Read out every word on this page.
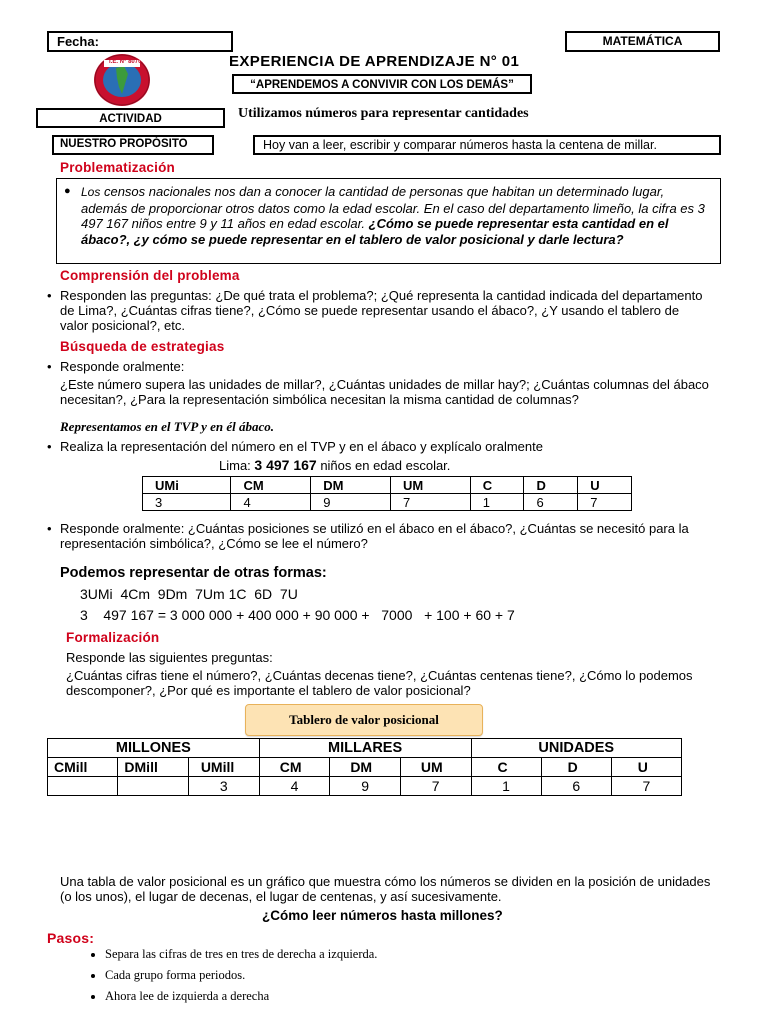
Fecha:	MATEMÁTICA
I.E. N° 80763	EXPERIENCIA DE APRENDIZAJE N° 01
“APRENDEMOS A CONVIVIR CON LOS DEMÁS”
ACTIVIDAD	Utilizamos números para representar cantidades
NUESTRO PROPÓSITO	Hoy van a leer, escribir y comparar números hasta la centena de millar.
Problematización
● Los censos nacionales nos dan a conocer la cantidad de personas que habitan un determinado lugar, además de proporcionar otros datos como la edad escolar. En el caso del departamento limeño, la cifra es 3 497 167 niños entre 9 y 11 años en edad escolar. ¿Cómo se puede representar esta cantidad en el ábaco?, ¿y cómo se puede representar en el tablero de valor posicional y darle lectura?
Comprensión del problema
• Responden las preguntas: ¿De qué trata el problema?; ¿Qué representa la cantidad indicada del departamento de Lima?, ¿Cuántas cifras tiene?, ¿Cómo se puede representar usando el ábaco?, ¿Y usando el tablero de valor posicional?, etc.
Búsqueda de estrategias
• Responde oralmente:
¿Este número supera las unidades de millar?, ¿Cuántas unidades de millar hay?; ¿Cuántas columnas del ábaco necesitan?, ¿Para la representación simbólica necesitan la misma cantidad de columnas?
Representamos en el TVP y en él ábaco.
• Realiza la representación del número en el TVP y en el ábaco y explícalo oralmente
Lima: 3 497 167 niños en edad escolar.
UMi	CM	DM	UM	C	D	U
3	4	9	7	1	6	7
• Responde oralmente: ¿Cuántas posiciones se utilizó en el ábaco en el ábaco?, ¿Cuántas se necesitó para la representación simbólica?, ¿Cómo se lee el número?
Podemos representar de otras formas:
3UMi  4Cm  9Dm  7Um 1C  6D  7U
3    497 167 = 3 000 000 + 400 000 + 90 000 +   7000   + 100 + 60 + 7
Formalización
Responde las siguientes preguntas:
¿Cuántas cifras tiene el número?, ¿Cuántas decenas tiene?, ¿Cuántas centenas tiene?, ¿Cómo lo podemos descomponer?, ¿Por qué es importante el tablero de valor posicional?
Tablero de valor posicional
MILLONES			MILLARES			UNIDADES		
CMill	DMill	UMill	CM	DM	UM	C	D	U
		3	4	9	7	1	6	7
Una tabla de valor posicional es un gráfico que muestra cómo los números se dividen en la posición de unidades (o los unos), el lugar de decenas, el lugar de centenas, y así sucesivamente.
¿Cómo leer números hasta millones?
Pasos:
• Separa las cifras de tres en tres de derecha a izquierda.
• Cada grupo forma periodos.
• Ahora lee de izquierda a derecha
